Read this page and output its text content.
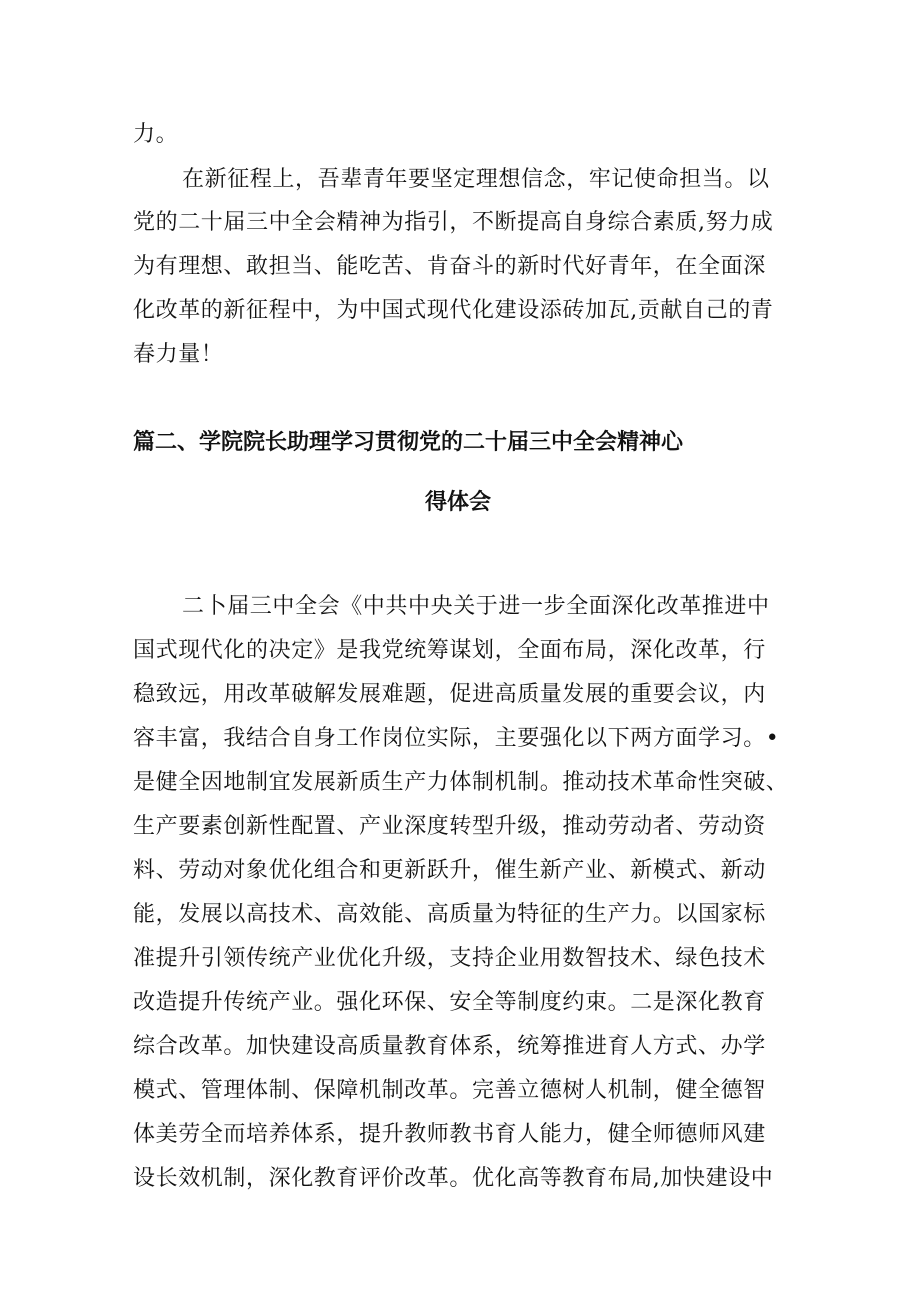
力。
在新征程上，吾辈青年要坚定理想信念，牢记使命担当。以
党的二十届三中全会精神为指引，不断提高自身综合素质,努力成
为有理想、敢担当、能吃苦、肯奋斗的新时代好青年，在全面深
化改革的新征程中，为中国式现代化建设添砖加瓦,贡献自己的青
春力量！
篇二、学院院长助理学习贯彻党的二十届三中全会精神心
得体会
二卜届三中全会《中共中央关于进一步全面深化改革推进中
国式现代化的决定》是我党统筹谋划，全面布局，深化改革，行
稳致远，用改革破解发展难题，促进高质量发展的重要会议，内
容丰富，我结合自身工作岗位实际，主要强化以下两方面学习。•
是健全因地制宜发展新质生产力体制机制。推动技术革命性突破、
生产要素创新性配置、产业深度转型升级，推动劳动者、劳动资
料、劳动对象优化组合和更新跃升，催生新产业、新模式、新动
能，发展以高技术、高效能、高质量为特征的生产力。以国家标
准提升引领传统产业优化升级，支持企业用数智技术、绿色技术
改造提升传统产业。强化环保、安全等制度约束。二是深化教育
综合改革。加快建设高质量教育体系，统筹推进育人方式、办学
模式、管理体制、保障机制改革。完善立德树人机制，健全德智
体美劳全而培养体系，提升教师教书育人能力，健全师德师风建
设长效机制，深化教育评价改革。优化高等教育布局,加快建设中
